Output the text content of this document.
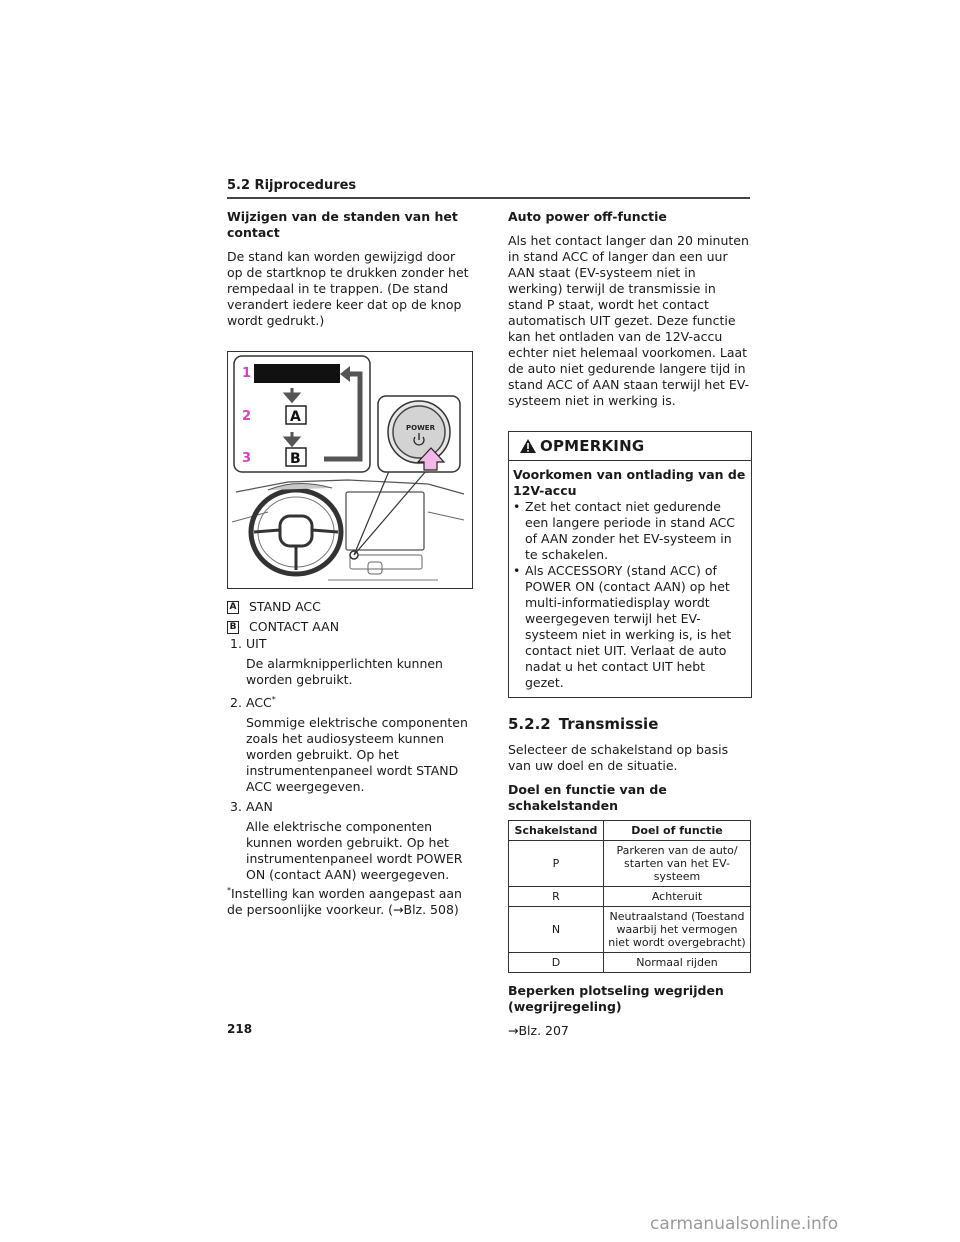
5.2 Rijprocedures

Wijzigen van de standen van het contact

De stand kan worden gewijzigd door op de startknop te drukken zonder het rempedaal in te trappen. (De stand verandert iedere keer dat op de knop wordt gedrukt.)

1
2	A
3	B
POWER
A STAND ACC
B CONTACT AAN
1. UIT
De alarmknipperlichten kunnen worden gebruikt.
2. ACC*
Sommige elektrische componenten zoals het audiosysteem kunnen worden gebruikt. Op het instrumentenpaneel wordt STAND ACC weergegeven.
3. AAN
Alle elektrische componenten kunnen worden gebruikt. Op het instrumentenpaneel wordt POWER ON (contact AAN) weergegeven.

*Instelling kan worden aangepast aan de persoonlijke voorkeur. (→Blz. 508)

Auto power off-functie

Als het contact langer dan 20 minuten in stand ACC of langer dan een uur AAN staat (EV-systeem niet in werking) terwijl de transmissie in stand P staat, wordt het contact automatisch UIT gezet. Deze functie kan het ontladen van de 12V-accu echter niet helemaal voorkomen. Laat de auto niet gedurende langere tijd in stand ACC of AAN staan terwijl het EV-systeem niet in werking is.

OPMERKING

Voorkomen van ontlading van de 12V-accu

• Zet het contact niet gedurende een langere periode in stand ACC of AAN zonder het EV-systeem in te schakelen.
• Als ACCESSORY (stand ACC) of POWER ON (contact AAN) op het multi-informatiedisplay wordt weergegeven terwijl het EV-systeem niet in werking is, is het contact niet UIT. Verlaat de auto nadat u het contact UIT hebt gezet.

5.2.2 Transmissie

Selecteer de schakelstand op basis van uw doel en de situatie.

Doel en functie van de schakelstanden

Schakelstand	Doel of functie
P	Parkeren van de auto/ starten van het EV-systeem
R	Achteruit
N	Neutraalstand (Toestand waarbij het vermogen niet wordt overgebracht)
D	Normaal rijden

Beperken plotseling wegrijden (wegrijregeling)

→Blz. 207

218
carmanualsonline.info
